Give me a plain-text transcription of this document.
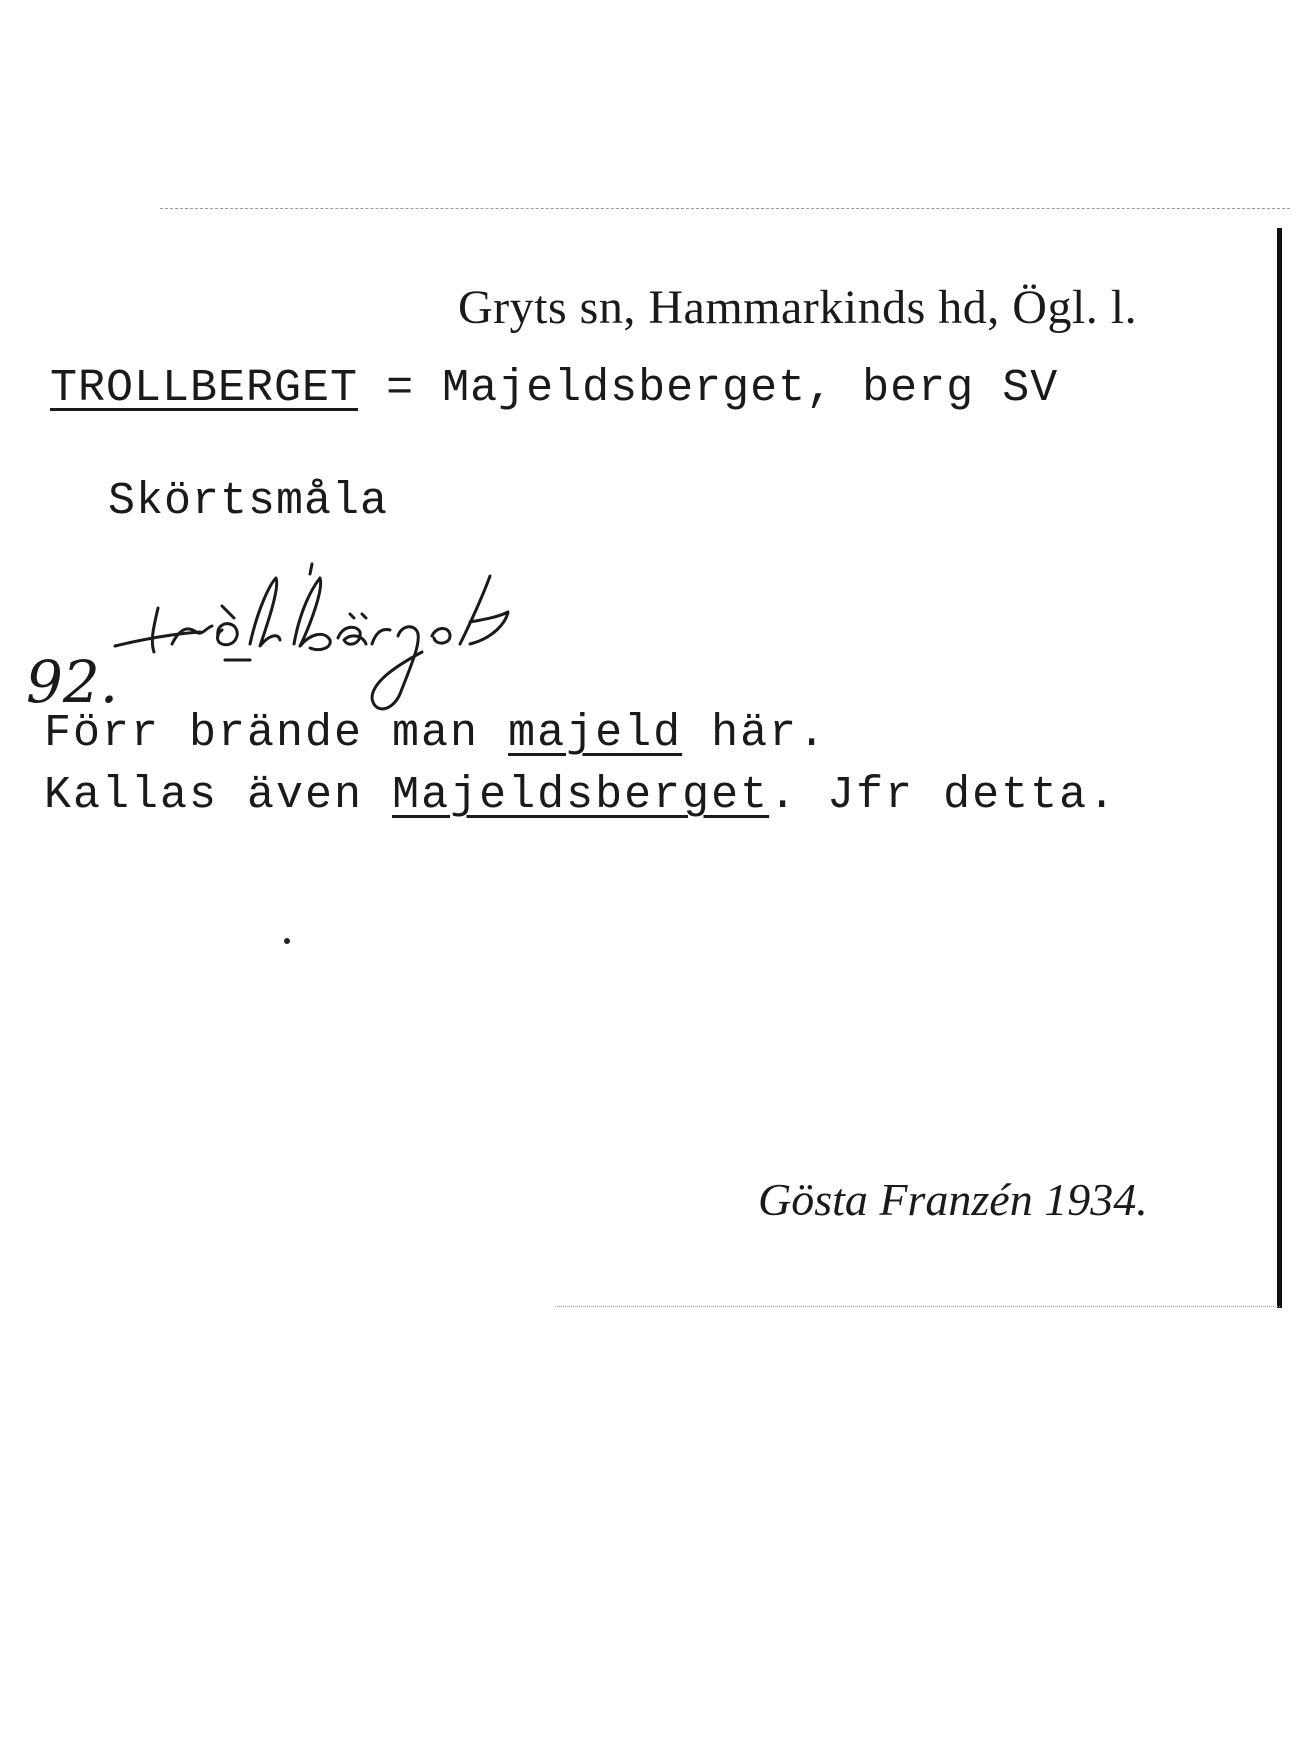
Gryts sn, Hammarkinds hd, Ögl. l.
TROLLBERGET = Majeldsberget, berg SV
Skörtsmåla
92.
Förr brände man majeld här.
Kallas även Majeldsberget. Jfr detta.
Gösta Franzén 1934.
